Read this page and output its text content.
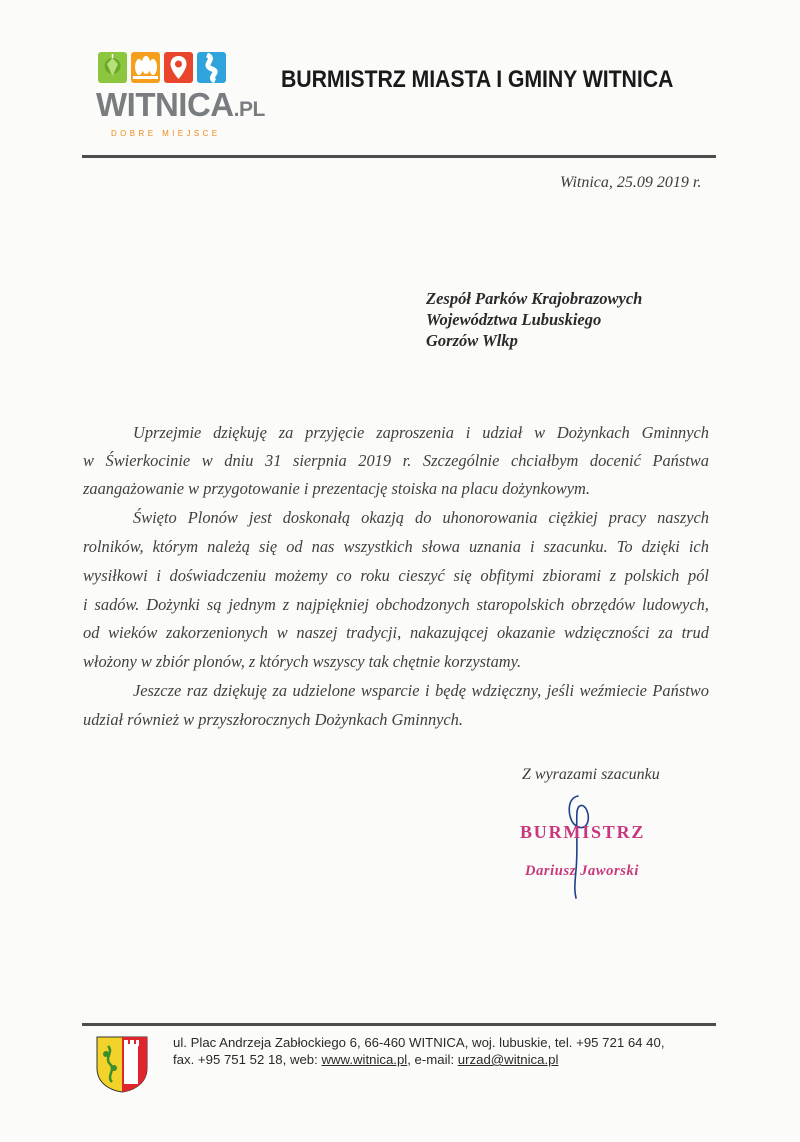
WITNICA.PL
DOBRE MIEJSCE
BURMISTRZ MIASTA I GMINY WITNICA
Witnica, 25.09 2019 r.
Zespół Parków Krajobrazowych
Województwa Lubuskiego
Gorzów Wlkp
Uprzejmie dziękuję za przyjęcie zaproszenia i udział w Dożynkach Gminnych
w Świerkocinie w dniu 31 sierpnia 2019 r. Szczególnie chciałbym docenić Państwa
zaangażowanie w przygotowanie i prezentację stoiska na placu dożynkowym.
Święto Plonów jest doskonałą okazją do uhonorowania ciężkiej pracy naszych
rolników, którym należą się od nas wszystkich słowa uznania i szacunku. To dzięki ich
wysiłkowi i doświadczeniu możemy co roku cieszyć się obfitymi zbiorami z polskich pól
i sadów. Dożynki są jednym z najpiękniej obchodzonych staropolskich obrzędów ludowych,
od wieków zakorzenionych w naszej tradycji, nakazującej okazanie wdzięczności za trud
włożony w zbiór plonów, z których wszyscy tak chętnie korzystamy.
Jeszcze raz dziękuję za udzielone wsparcie i będę wdzięczny, jeśli weźmiecie Państwo
udział również w przyszłorocznych Dożynkach Gminnych.
Z wyrazami szacunku
BURMISTRZ
Dariusz Jaworski
ul. Plac Andrzeja Zabłockiego 6, 66-460 WITNICA, woj. lubuskie, tel. +95 721 64 40,
fax. +95 751 52 18, web: www.witnica.pl, e-mail: urzad@witnica.pl
